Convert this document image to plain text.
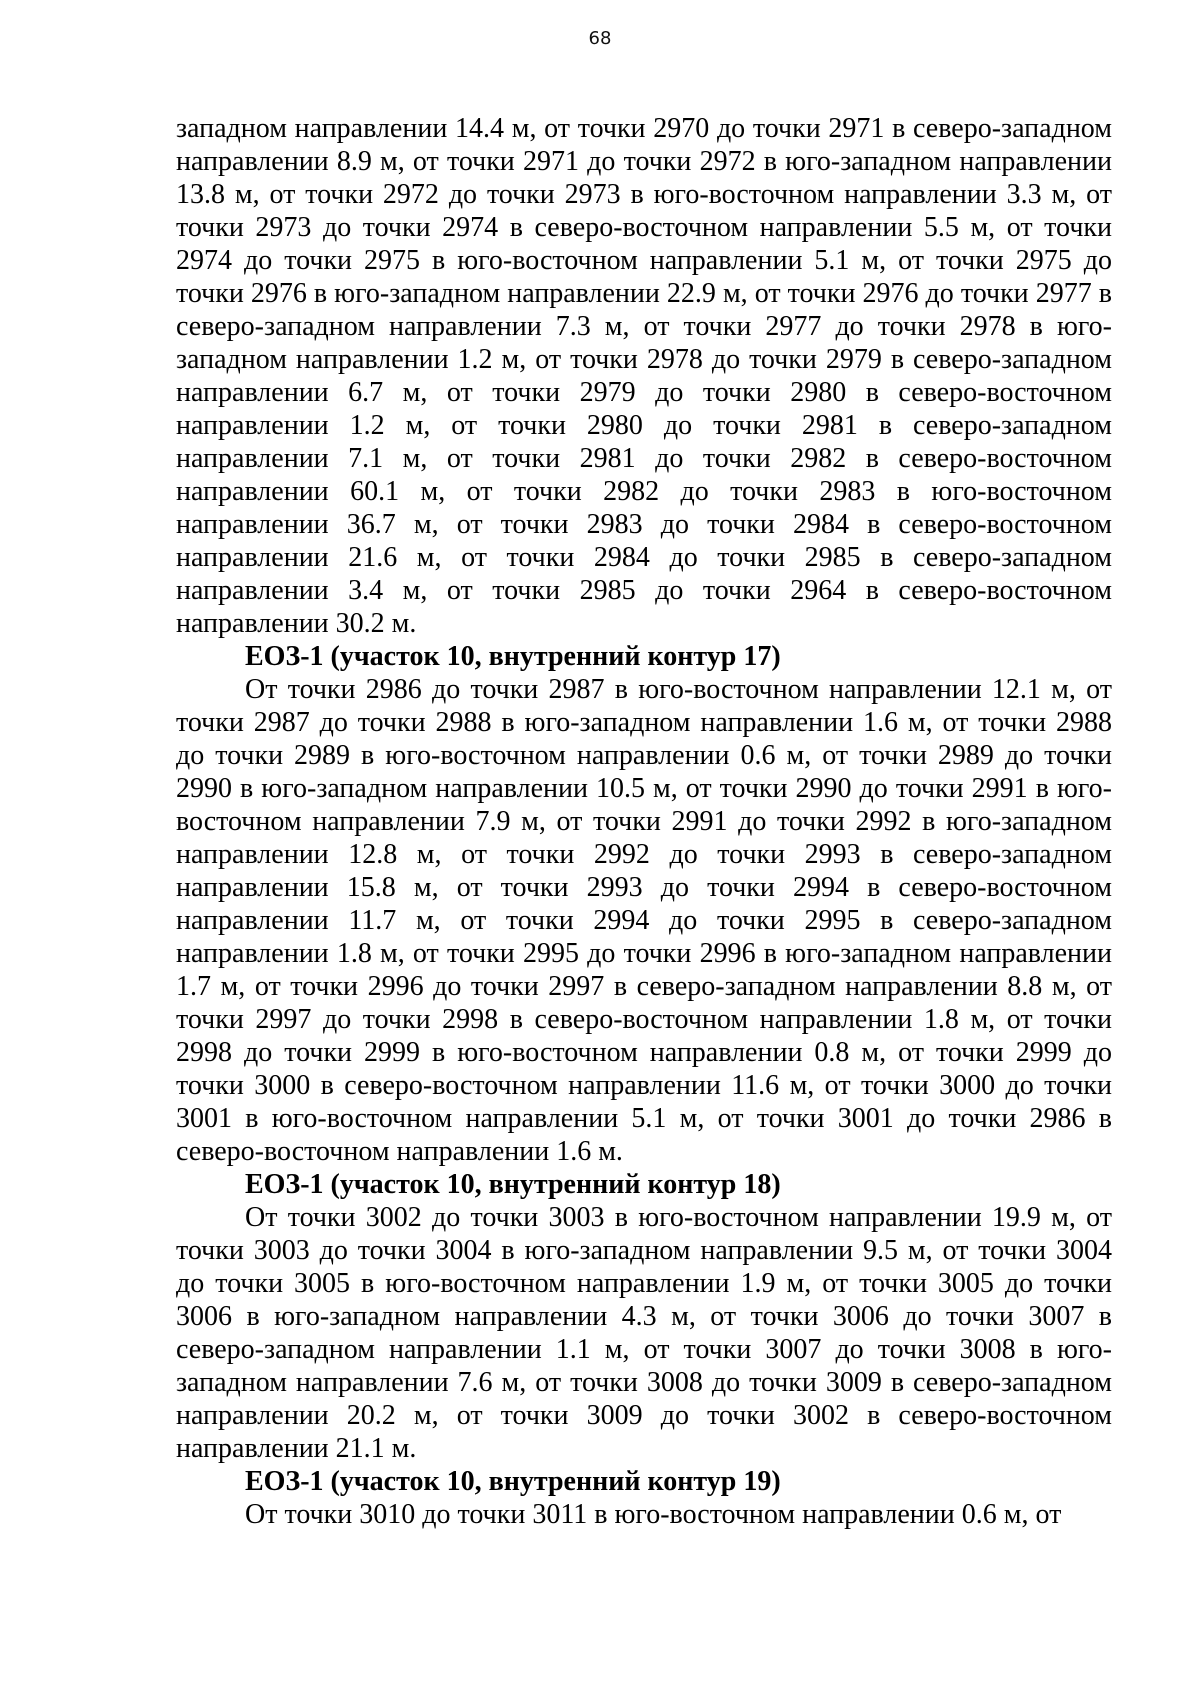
68

западном направлении 14.4 м, от точки 2970 до точки 2971 в северо-западном направлении 8.9 м, от точки 2971 до точки 2972 в юго-западном направлении 13.8 м, от точки 2972 до точки 2973 в юго-восточном направлении 3.3 м, от точки 2973 до точки 2974 в северо-восточном направлении 5.5 м, от точки 2974 до точки 2975 в юго-восточном направлении 5.1 м, от точки 2975 до точки 2976 в юго-западном направлении 22.9 м, от точки 2976 до точки 2977 в северо-западном направлении 7.3 м, от точки 2977 до точки 2978 в юго-западном направлении 1.2 м, от точки 2978 до точки 2979 в северо-западном направлении 6.7 м, от точки 2979 до точки 2980 в северо-восточном направлении 1.2 м, от точки 2980 до точки 2981 в северо-западном направлении 7.1 м, от точки 2981 до точки 2982 в северо-восточном направлении 60.1 м, от точки 2982 до точки 2983 в юго-восточном направлении 36.7 м, от точки 2983 до точки 2984 в северо-восточном направлении 21.6 м, от точки 2984 до точки 2985 в северо-западном направлении 3.4 м, от точки 2985 до точки 2964 в северо-восточном направлении 30.2 м.

ЕОЗ-1 (участок 10, внутренний контур 17)

От точки 2986 до точки 2987 в юго-восточном направлении 12.1 м, от точки 2987 до точки 2988 в юго-западном направлении 1.6 м, от точки 2988 до точки 2989 в юго-восточном направлении 0.6 м, от точки 2989 до точки 2990 в юго-западном направлении 10.5 м, от точки 2990 до точки 2991 в юго-восточном направлении 7.9 м, от точки 2991 до точки 2992 в юго-западном направлении 12.8 м, от точки 2992 до точки 2993 в северо-западном направлении 15.8 м, от точки 2993 до точки 2994 в северо-восточном направлении 11.7 м, от точки 2994 до точки 2995 в северо-западном направлении 1.8 м, от точки 2995 до точки 2996 в юго-западном направлении 1.7 м, от точки 2996 до точки 2997 в северо-западном направлении 8.8 м, от точки 2997 до точки 2998 в северо-восточном направлении 1.8 м, от точки 2998 до точки 2999 в юго-восточном направлении 0.8 м, от точки 2999 до точки 3000 в северо-восточном направлении 11.6 м, от точки 3000 до точки 3001 в юго-восточном направлении 5.1 м, от точки 3001 до точки 2986 в северо-восточном направлении 1.6 м.

ЕОЗ-1 (участок 10, внутренний контур 18)

От точки 3002 до точки 3003 в юго-восточном направлении 19.9 м, от точки 3003 до точки 3004 в юго-западном направлении 9.5 м, от точки 3004 до точки 3005 в юго-восточном направлении 1.9 м, от точки 3005 до точки 3006 в юго-западном направлении 4.3 м, от точки 3006 до точки 3007 в северо-западном направлении 1.1 м, от точки 3007 до точки 3008 в юго-западном направлении 7.6 м, от точки 3008 до точки 3009 в северо-западном направлении 20.2 м, от точки 3009 до точки 3002 в северо-восточном направлении 21.1 м.

ЕОЗ-1 (участок 10, внутренний контур 19)

От точки 3010 до точки 3011 в юго-восточном направлении 0.6 м, от
